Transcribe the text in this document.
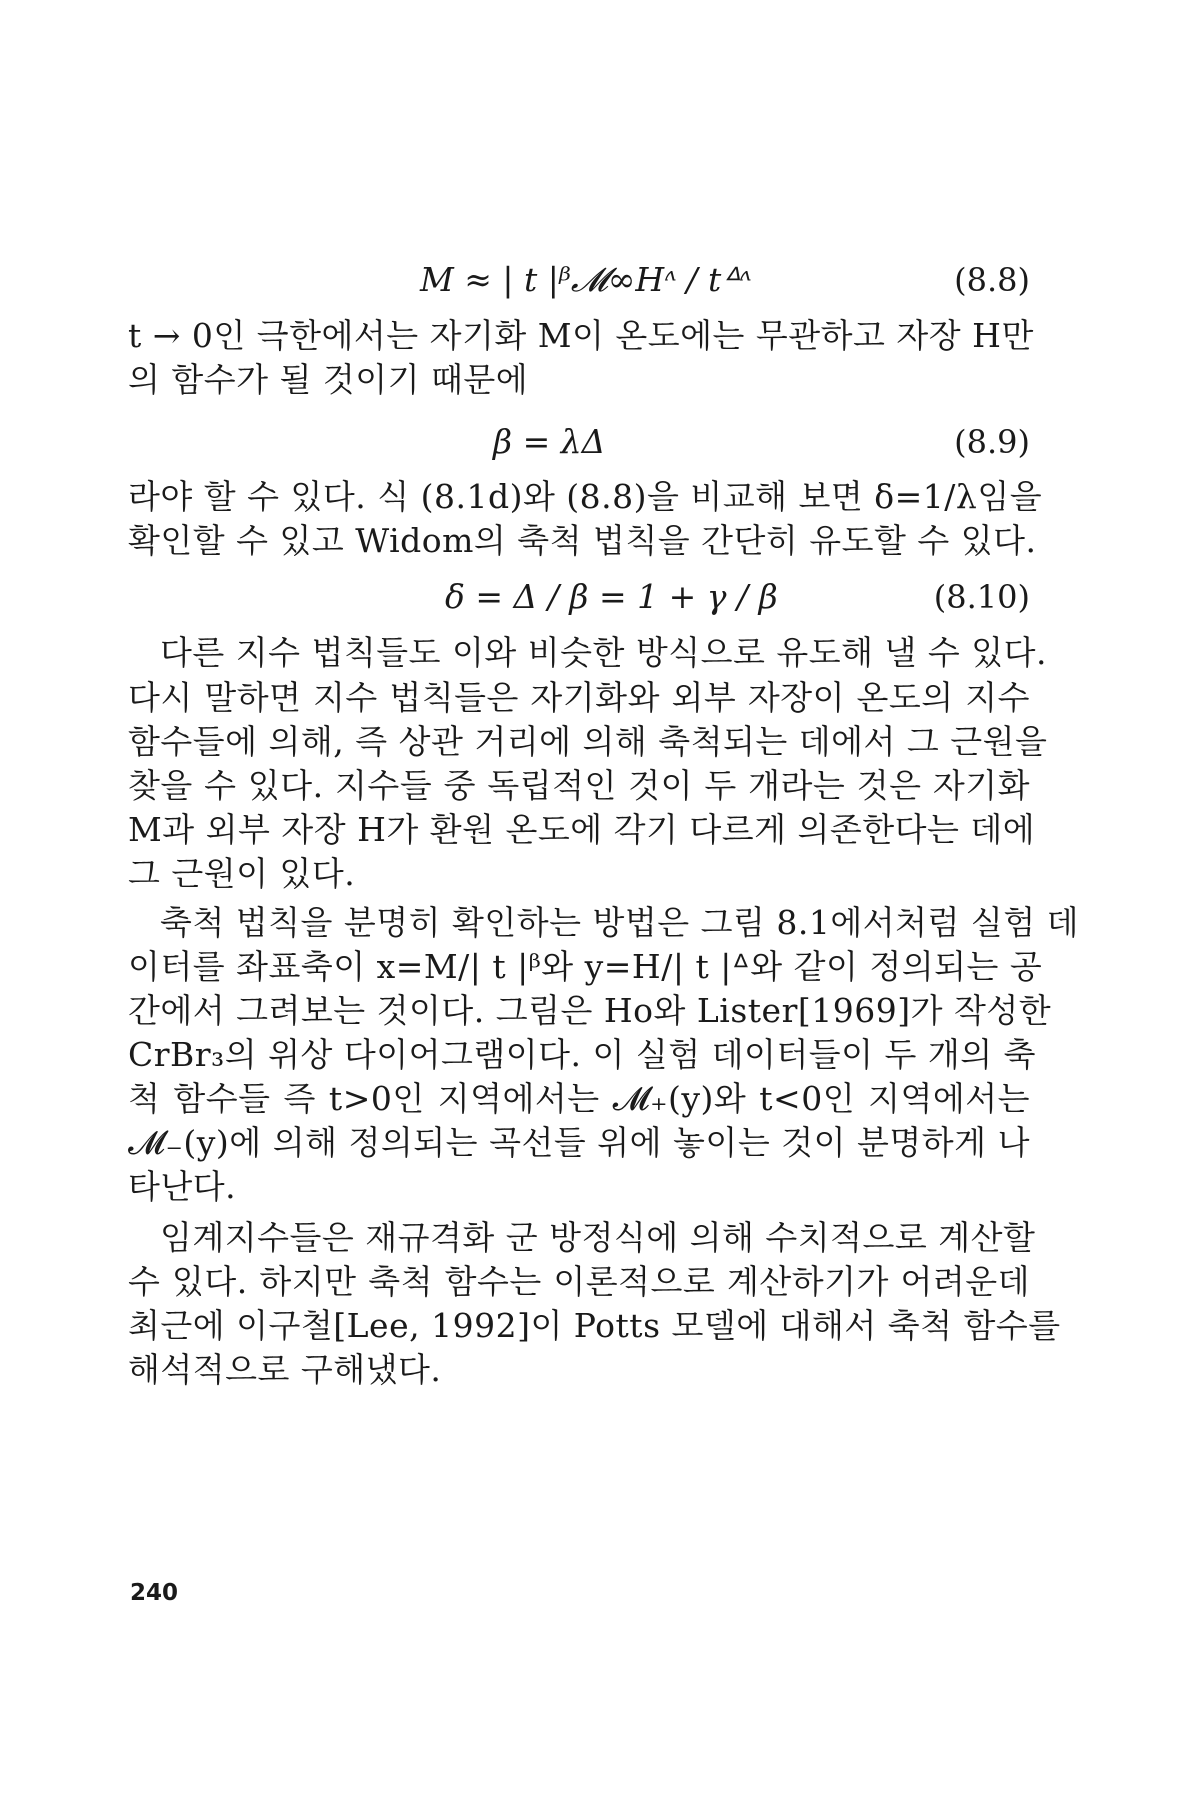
M ≈ | t |ᵝ𝓜∞Hᶺ / tᐞᶺ	(8.8)
t → 0인 극한에서는 자기화 M이 온도에는 무관하고 자장 H만
의 함수가 될 것이기 때문에
β = λΔ	(8.9)
라야 할 수 있다. 식 (8.1d)와 (8.8)을 비교해 보면 δ=1/λ임을
확인할 수 있고 Widom의 축척 법칙을 간단히 유도할 수 있다.
δ = Δ / β = 1 + γ / β	(8.10)
다른 지수 법칙들도 이와 비슷한 방식으로 유도해 낼 수 있다.
다시 말하면 지수 법칙들은 자기화와 외부 자장이 온도의 지수
함수들에 의해, 즉 상관 거리에 의해 축척되는 데에서 그 근원을
찾을 수 있다. 지수들 중 독립적인 것이 두 개라는 것은 자기화
M과 외부 자장 H가 환원 온도에 각기 다르게 의존한다는 데에
그 근원이 있다.
축척 법칙을 분명히 확인하는 방법은 그림 8.1에서처럼 실험 데
이터를 좌표축이 x=M/| t |ᵝ와 y=H/| t |ᐞ와 같이 정의되는 공
간에서 그려보는 것이다. 그림은 Ho와 Lister[1969]가 작성한
CrBr₃의 위상 다이어그램이다. 이 실험 데이터들이 두 개의 축
척 함수들 즉 t>0인 지역에서는 𝓜₊(y)와 t<0인 지역에서는
𝓜₋(y)에 의해 정의되는 곡선들 위에 놓이는 것이 분명하게 나
타난다.
임계지수들은 재규격화 군 방정식에 의해 수치적으로 계산할
수 있다. 하지만 축척 함수는 이론적으로 계산하기가 어려운데
최근에 이구철[Lee, 1992]이 Potts 모델에 대해서 축척 함수를
해석적으로 구해냈다.
240
